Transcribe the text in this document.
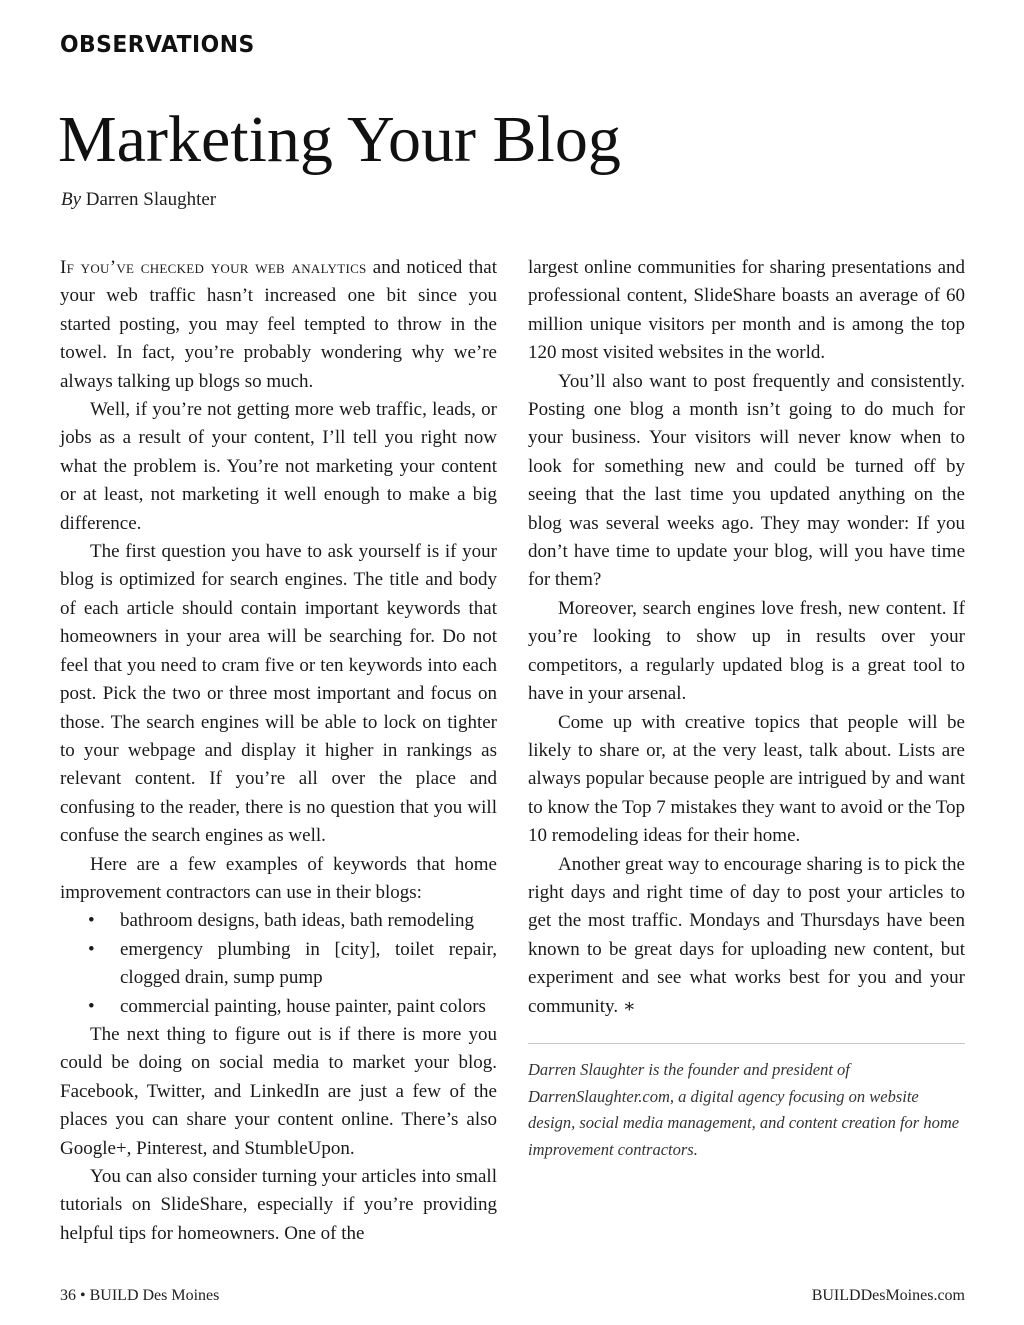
OBSERVATIONS
Marketing Your Blog
By Darren Slaughter

If you’ve checked your web analytics and noticed that your web traffic hasn’t increased one bit since you started posting, you may feel tempted to throw in the towel. In fact, you’re probably wondering why we’re always talking up blogs so much.

Well, if you’re not getting more web traffic, leads, or jobs as a result of your content, I’ll tell you right now what the problem is. You’re not marketing your content or at least, not marketing it well enough to make a big difference.

The first question you have to ask yourself is if your blog is optimized for search engines. The title and body of each article should contain important keywords that homeowners in your area will be searching for. Do not feel that you need to cram five or ten keywords into each post. Pick the two or three most important and focus on those. The search engines will be able to lock on tighter to your webpage and display it higher in rankings as relevant content. If you’re all over the place and confusing to the reader, there is no question that you will confuse the search engines as well.

Here are a few examples of keywords that home improvement contractors can use in their blogs:

• bathroom designs, bath ideas, bath remodeling
• emergency plumbing in [city], toilet repair, clogged drain, sump pump
• commercial painting, house painter, paint colors

The next thing to figure out is if there is more you could be doing on social media to market your blog. Facebook, Twitter, and LinkedIn are just a few of the places you can share your content online. There’s also Google+, Pinterest, and StumbleUpon.

You can also consider turning your articles into small tutorials on SlideShare, especially if you’re providing helpful tips for homeowners. One of the

largest online communities for sharing presentations and professional content, SlideShare boasts an average of 60 million unique visitors per month and is among the top 120 most visited websites in the world.

You’ll also want to post frequently and consistently. Posting one blog a month isn’t going to do much for your business. Your visitors will never know when to look for something new and could be turned off by seeing that the last time you updated anything on the blog was several weeks ago. They may wonder: If you don’t have time to update your blog, will you have time for them?

Moreover, search engines love fresh, new content. If you’re looking to show up in results over your competitors, a regularly updated blog is a great tool to have in your arsenal.

Come up with creative topics that people will be likely to share or, at the very least, talk about. Lists are always popular because people are intrigued by and want to know the Top 7 mistakes they want to avoid or the Top 10 remodeling ideas for their home.

Another great way to encourage sharing is to pick the right days and right time of day to post your articles to get the most traffic. Mondays and Thursdays have been known to be great days for uploading new content, but experiment and see what works best for you and your community. ∗

Darren Slaughter is the founder and president of DarrenSlaughter.com, a digital agency focusing on website design, social media management, and content creation for home improvement contractors.
36 • BUILD Des Moines	BUILDDesMoines.com
